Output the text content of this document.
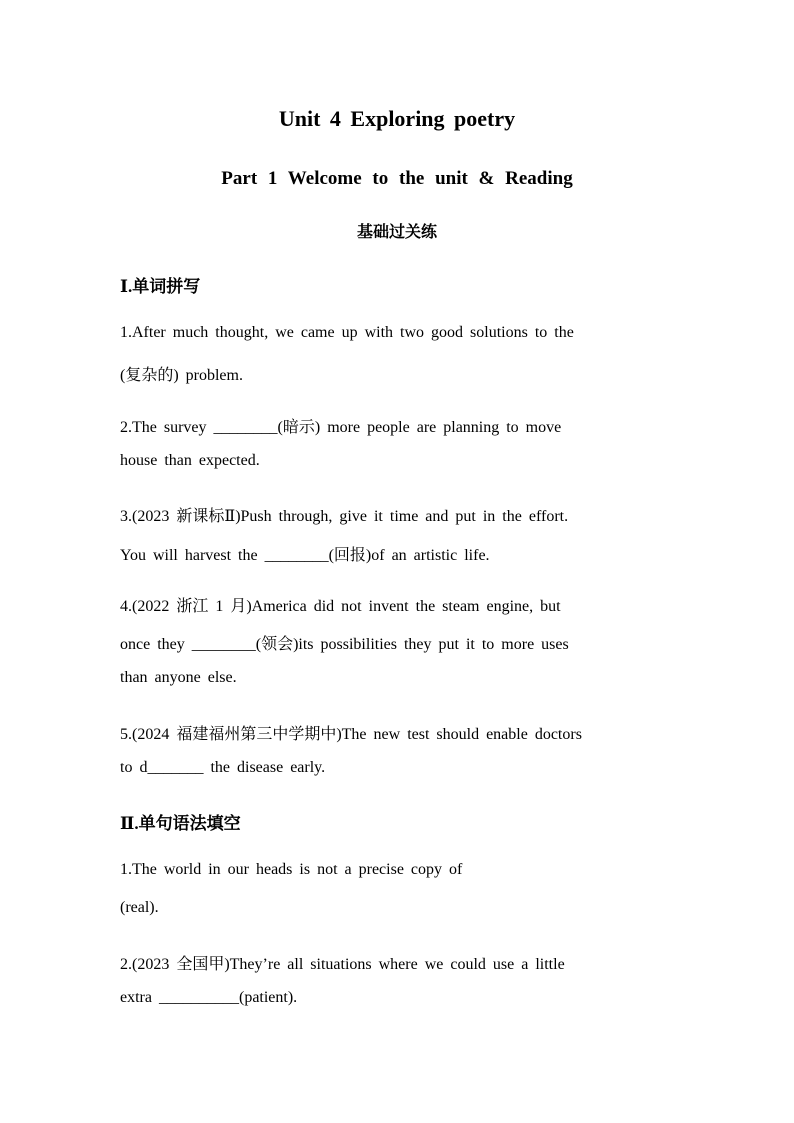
Unit 4 Exploring poetry
Part 1 Welcome to the unit & Reading
基础过关练
Ⅰ.单词拼写
1.After much thought, we came up with two good solutions to the
(复杂的) problem.
2.The survey ________(暗示) more people are planning to move
house than expected.
3.(2023 新课标Ⅱ)Push through, give it time and put in the effort.
You will harvest the ________(回报)of an artistic life.
4.(2022 浙江 1 月)America did not invent the steam engine, but
once they ________(领会)its possibilities they put it to more uses
than anyone else.
5.(2024 福建福州第三中学期中)The new test should enable doctors
to d_______ the disease early.
Ⅱ.单句语法填空
1.The world in our heads is not a precise copy of
(real).
2.(2023 全国甲)They’re all situations where we could use a little
extra __________(patient).
